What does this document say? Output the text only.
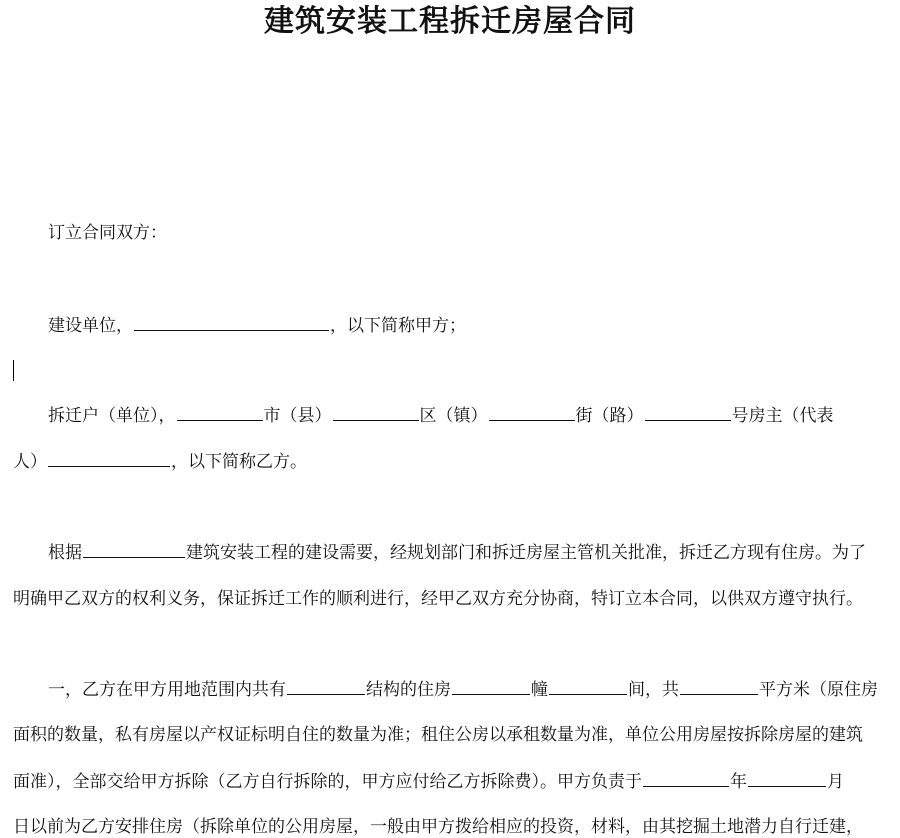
建筑安装工程拆迁房屋合同
订立合同双方：
建设单位，	，以下简称甲方；
拆迁户（单位），	市（县）	区（镇）	街（路）	号房主（代表
人）	，以下简称乙方。
根据	建筑安装工程的建设需要，经规划部门和拆迁房屋主管机关批准，拆迁乙方现有住房。为了
明确甲乙双方的权利义务，保证拆迁工作的顺利进行，经甲乙双方充分协商，特订立本合同，以供双方遵守执行。
一，乙方在甲方用地范围内共有	结构的住房	幢	间，共	平方米（原住房
面积的数量，私有房屋以产权证标明自住的数量为准；租住公房以承租数量为准，单位公用房屋按拆除房屋的建筑
面准），全部交给甲方拆除（乙方自行拆除的，甲方应付给乙方拆除费）。甲方负责于	年	月
日以前为乙方安排住房（拆除单位的公用房屋，一般由甲方拨给相应的投资，材料，由其挖掘土地潜力自行迁建，
